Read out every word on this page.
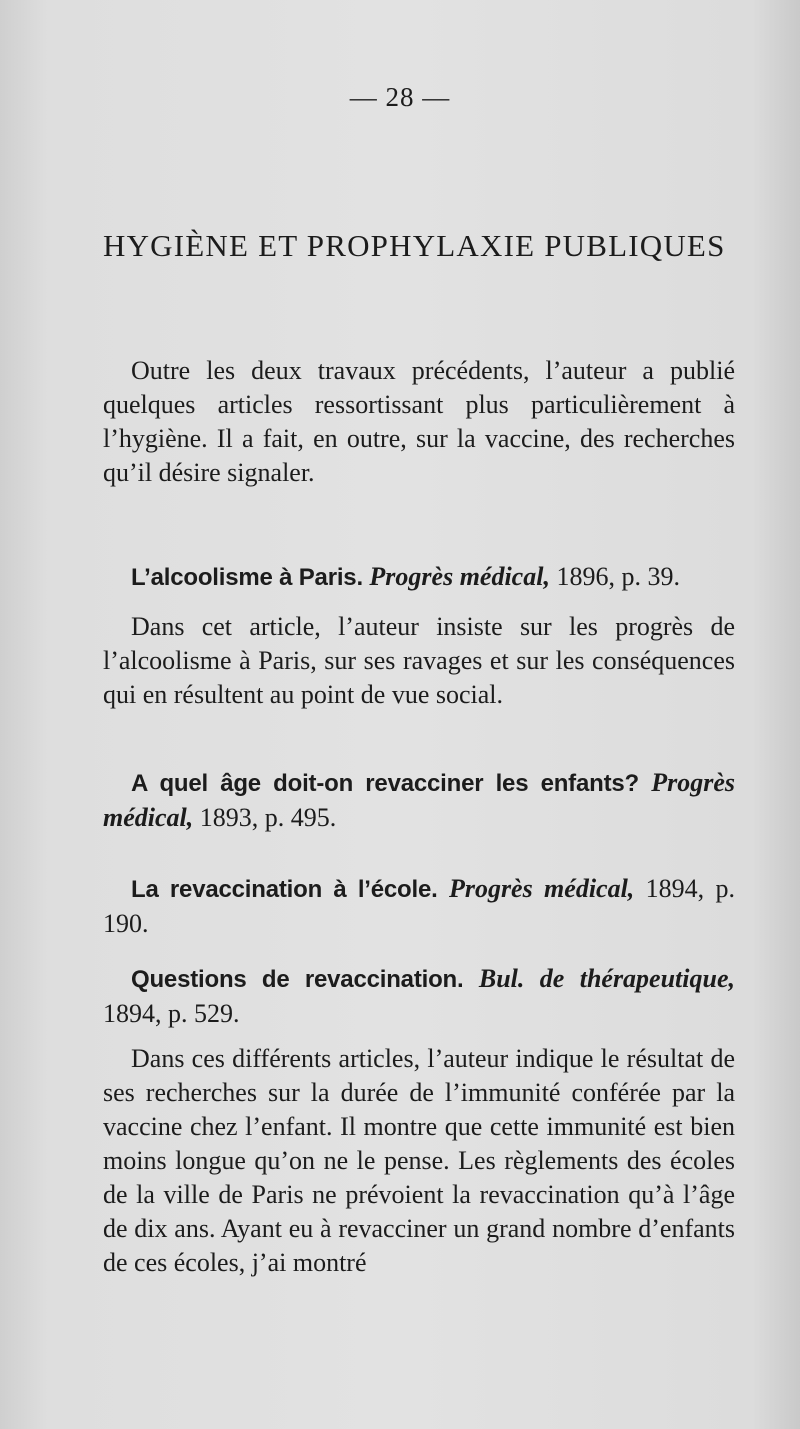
— 28 —
HYGIÈNE ET PROPHYLAXIE PUBLIQUES

Outre les deux travaux précédents, l’auteur a publié quelques articles ressortissant plus particulièrement à l’hygiène. Il a fait, en outre, sur la vaccine, des recherches qu’il désire signaler.

L’alcoolisme à Paris. Progrès médical, 1896, p. 39.

Dans cet article, l’auteur insiste sur les progrès de l’alcoolisme à Paris, sur ses ravages et sur les conséquences qui en résultent au point de vue social.

A quel âge doit-on revacciner les enfants? Progrès médical, 1893, p. 495.

La revaccination à l’école. Progrès médical, 1894, p. 190.

Questions de revaccination. Bul. de thérapeutique, 1894, p. 529.

Dans ces différents articles, l’auteur indique le résultat de ses recherches sur la durée de l’immunité conférée par la vaccine chez l’enfant. Il montre que cette immunité est bien moins longue qu’on ne le pense. Les règlements des écoles de la ville de Paris ne prévoient la revaccination qu’à l’âge de dix ans. Ayant eu à revacciner un grand nombre d’enfants de ces écoles, j’ai montré
